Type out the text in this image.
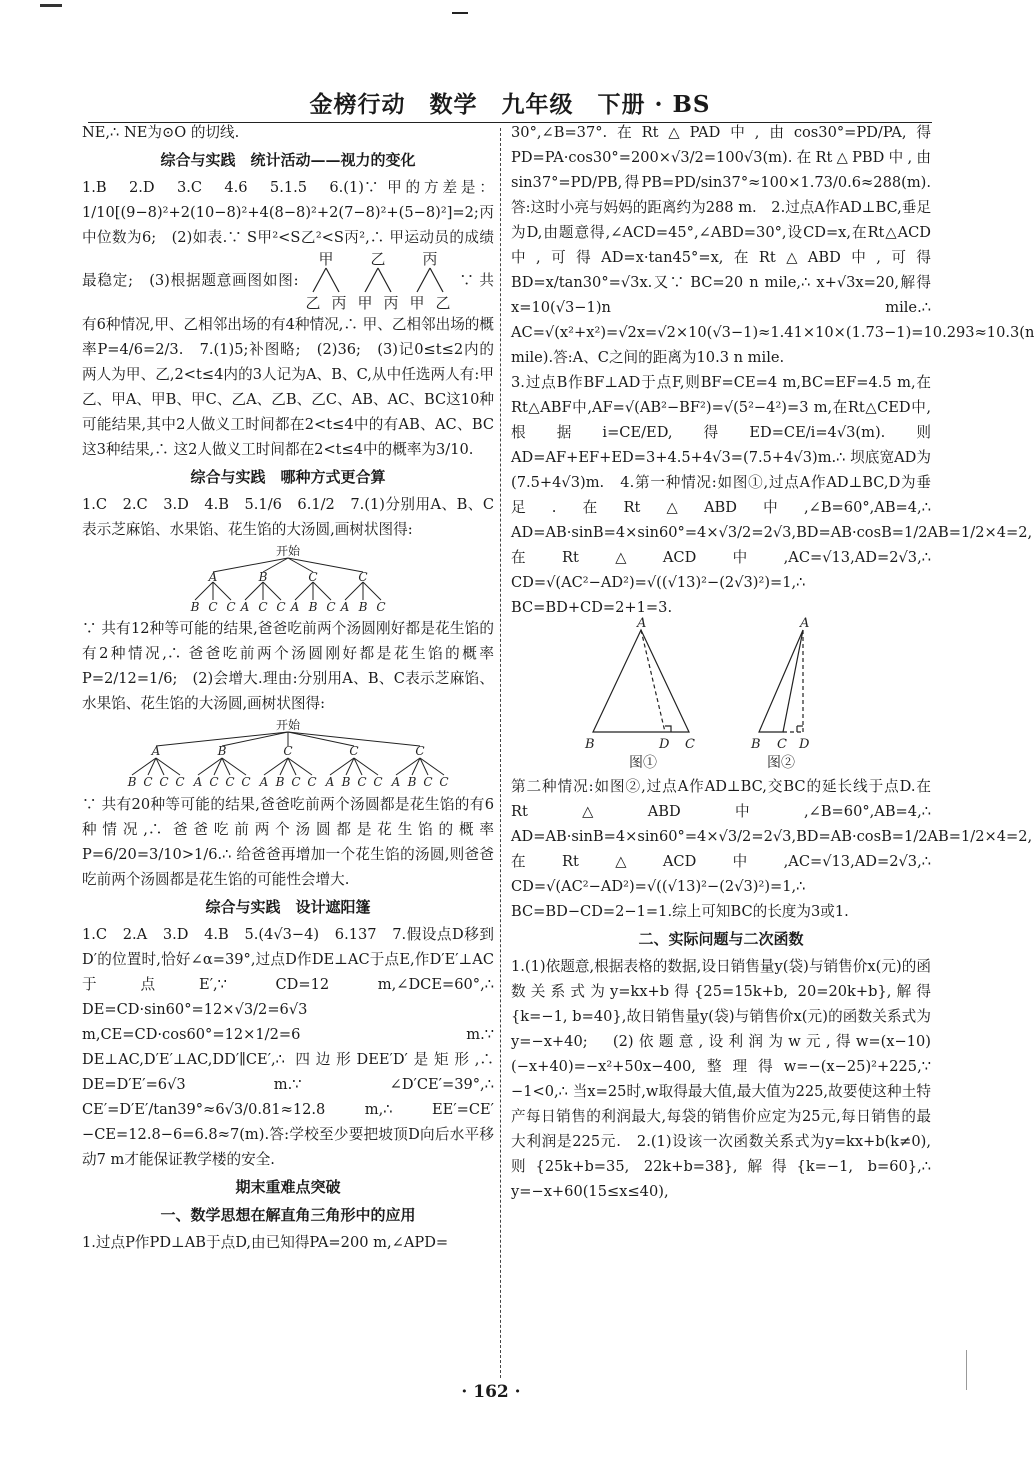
金榜行动　数学　九年级　下册 · BS

NE,∴ NE为⊙O 的切线.

综合与实践　统计活动——视力的变化

1.B　2.D　3.C　4.6　5.1.5　6.(1)∵ 甲的方差是：1/10[(9−8)²+2(10−8)²+4(8−8)²+2(7−8)²+(5−8)²]=2;丙中位数为6;　(2)如表.∵ S甲²<S乙²<S丙²,∴ 甲运动员的成绩最稳定;　(3)根据题意画图如图:
甲 乙 丙
乙 丙 甲 丙 甲 乙
∵ 共有6种情况,甲、乙相邻出场的有4种情况,∴ 甲、乙相邻出场的概率P=4/6=2/3.　7.(1)5;补图略;　(2)36;　(3)记0≤t≤2内的两人为甲、乙,2<t≤4内的3人记为A、B、C,从中任选两人有:甲乙、甲A、甲B、甲C、乙A、乙B、乙C、AB、AC、BC这10种可能结果,其中2人做义工时间都在2<t≤4中的有AB、AC、BC这3种结果,∴ 这2人做义工时间都在2<t≤4中的概率为3/10.

综合与实践　哪种方式更合算

1.C　2.C　3.D　4.B　5.1/6　6.1/2　7.(1)分别用A、B、C表示芝麻馅、水果馅、花生馅的大汤圆,画树状图得:

开始
A	B	C	C
B C C A C C A B C A B C

∵ 共有12种等可能的结果,爸爸吃前两个汤圆刚好都是花生馅的有2种情况,∴ 爸爸吃前两个汤圆刚好都是花生馅的概率P=2/12=1/6;　(2)会增大.理由:分别用A、B、C表示芝麻馅、水果馅、花生馅的大汤圆,画树状图得:

开始
A	B	C	C	C
B C C C A C C C A B C C A B C C A B C C

∵ 共有20种等可能的结果,爸爸吃前两个汤圆都是花生馅的有6种情况,∴ 爸爸吃前两个汤圆都是花生馅的概率P=6/20=3/10>1/6.∴ 给爸爸再增加一个花生馅的汤圆,则爸爸吃前两个汤圆都是花生馅的可能性会增大.

综合与实践　设计遮阳篷

1.C　2.A　3.D　4.B　5.(4√3−4)　6.137　7.假设点D移到D′的位置时,恰好∠α=39°,过点D作DE⊥AC于点E,作D′E′⊥AC于点E′,∵ CD=12 m,∠DCE=60°,∴ DE=CD·sin60°=12×√3/2=6√3 m,CE=CD·cos60°=12×1/2=6 m.∵ DE⊥AC,D′E′⊥AC,DD′∥CE′,∴ 四边形DEE′D′是矩形,∴ DE=D′E′=6√3 m.∵ ∠D′CE′=39°,∴ CE′=D′E′/tan39°≈6√3/0.81≈12.8 m,∴ EE′=CE′−CE=12.8−6=6.8≈7(m).答:学校至少要把坡顶D向后水平移动7 m才能保证教学楼的安全.

期末重难点突破
一、数学思想在解直角三角形中的应用

1.过点P作PD⊥AB于点D,由已知得PA=200 m,∠APD=

30°,∠B=37°.在Rt△PAD中,由cos30°=PD/PA,得PD=PA·cos30°=200×√3/2=100√3(m).在Rt△PBD中,由sin37°=PD/PB,得PB=PD/sin37°≈100×1.73/0.6≈288(m).答:这时小亮与妈妈的距离约为288 m.　2.过点A作AD⊥BC,垂足为D,由题意得,∠ACD=45°,∠ABD=30°,设CD=x,在Rt△ACD中,可得AD=x·tan45°=x,在Rt△ABD中,可得BD=x/tan30°=√3x.又∵ BC=20 n mile,∴ x+√3x=20,解得x=10(√3−1)n mile.∴ AC=√(x²+x²)=√2x=√2×10(√3−1)≈1.41×10×(1.73−1)=10.293≈10.3(n mile).答:A、C之间的距离为10.3 n mile.

3.过点B作BF⊥AD于点F,则BF=CE=4 m,BC=EF=4.5 m,在Rt△ABF中,AF=√(AB²−BF²)=√(5²−4²)=3 m,在Rt△CED中,根据i=CE/ED,得ED=CE/i=4√3(m).则AD=AF+EF+ED=3+4.5+4√3=(7.5+4√3)m.∴ 坝底宽AD为(7.5+4√3)m.　4.第一种情况:如图①,过点A作AD⊥BC,D为垂足.在Rt△ABD中,∠B=60°,AB=4,∴ AD=AB·sinB=4×sin60°=4×√3/2=2√3,BD=AB·cosB=1/2AB=1/2×4=2,在Rt△ACD中,AC=√13,AD=2√3,∴ CD=√(AC²−AD²)=√((√13)²−(2√3)²)=1,∴ BC=BD+CD=2+1=3.

A
B	D C
A
B C D
图①	图②

第二种情况:如图②,过点A作AD⊥BC,交BC的延长线于点D.在Rt△ABD中,∠B=60°,AB=4,∴ AD=AB·sinB=4×sin60°=4×√3/2=2√3,BD=AB·cosB=1/2AB=1/2×4=2,在Rt△ACD中,AC=√13,AD=2√3,∴ CD=√(AC²−AD²)=√((√13)²−(2√3)²)=1,∴ BC=BD−CD=2−1=1.综上可知BC的长度为3或1.

二、实际问题与二次函数

1.(1)依题意,根据表格的数据,设日销售量y(袋)与销售价x(元)的函数关系式为y=kx+b得{25=15k+b, 20=20k+b},解得{k=−1, b=40},故日销售量y(袋)与销售价x(元)的函数关系式为y=−x+40;　(2)依题意,设利润为w元,得w=(x−10)(−x+40)=−x²+50x−400,整理得w=−(x−25)²+225,∵ −1<0,∴ 当x=25时,w取得最大值,最大值为225,故要使这种土特产每日销售的利润最大,每袋的销售价应定为25元,每日销售的最大利润是225元.　2.(1)设该一次函数关系式为y=kx+b(k≠0),则{25k+b=35, 22k+b=38},解得{k=−1, b=60},∴ y=−x+60(15≤x≤40),

· 162 ·
